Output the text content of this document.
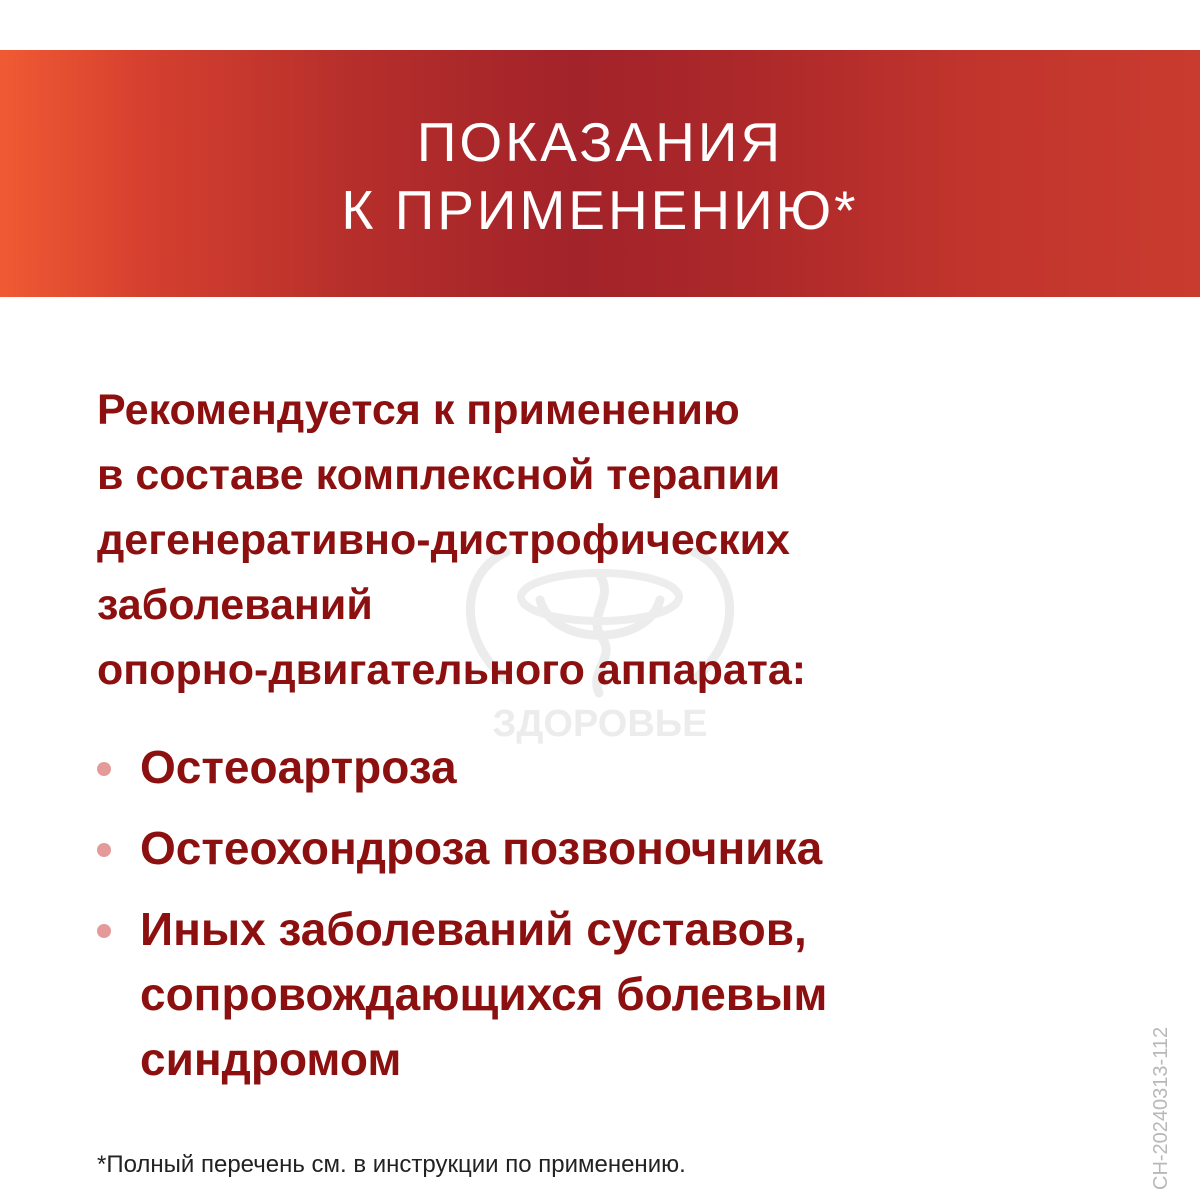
ПОКАЗАНИЯ
К ПРИМЕНЕНИЮ*
ЗДОРОВЬЕ

Рекомендуется к применению
в составе комплексной терапии
дегенеративно-дистрофических
заболеваний
опорно-двигательного аппарата:

Остеоартроза
Остеохондроза позвоночника
Иных заболеваний суставов,
сопровождающихся болевым
синдромом

*Полный перечень см. в инструкции по применению.	CH-20240313-112
